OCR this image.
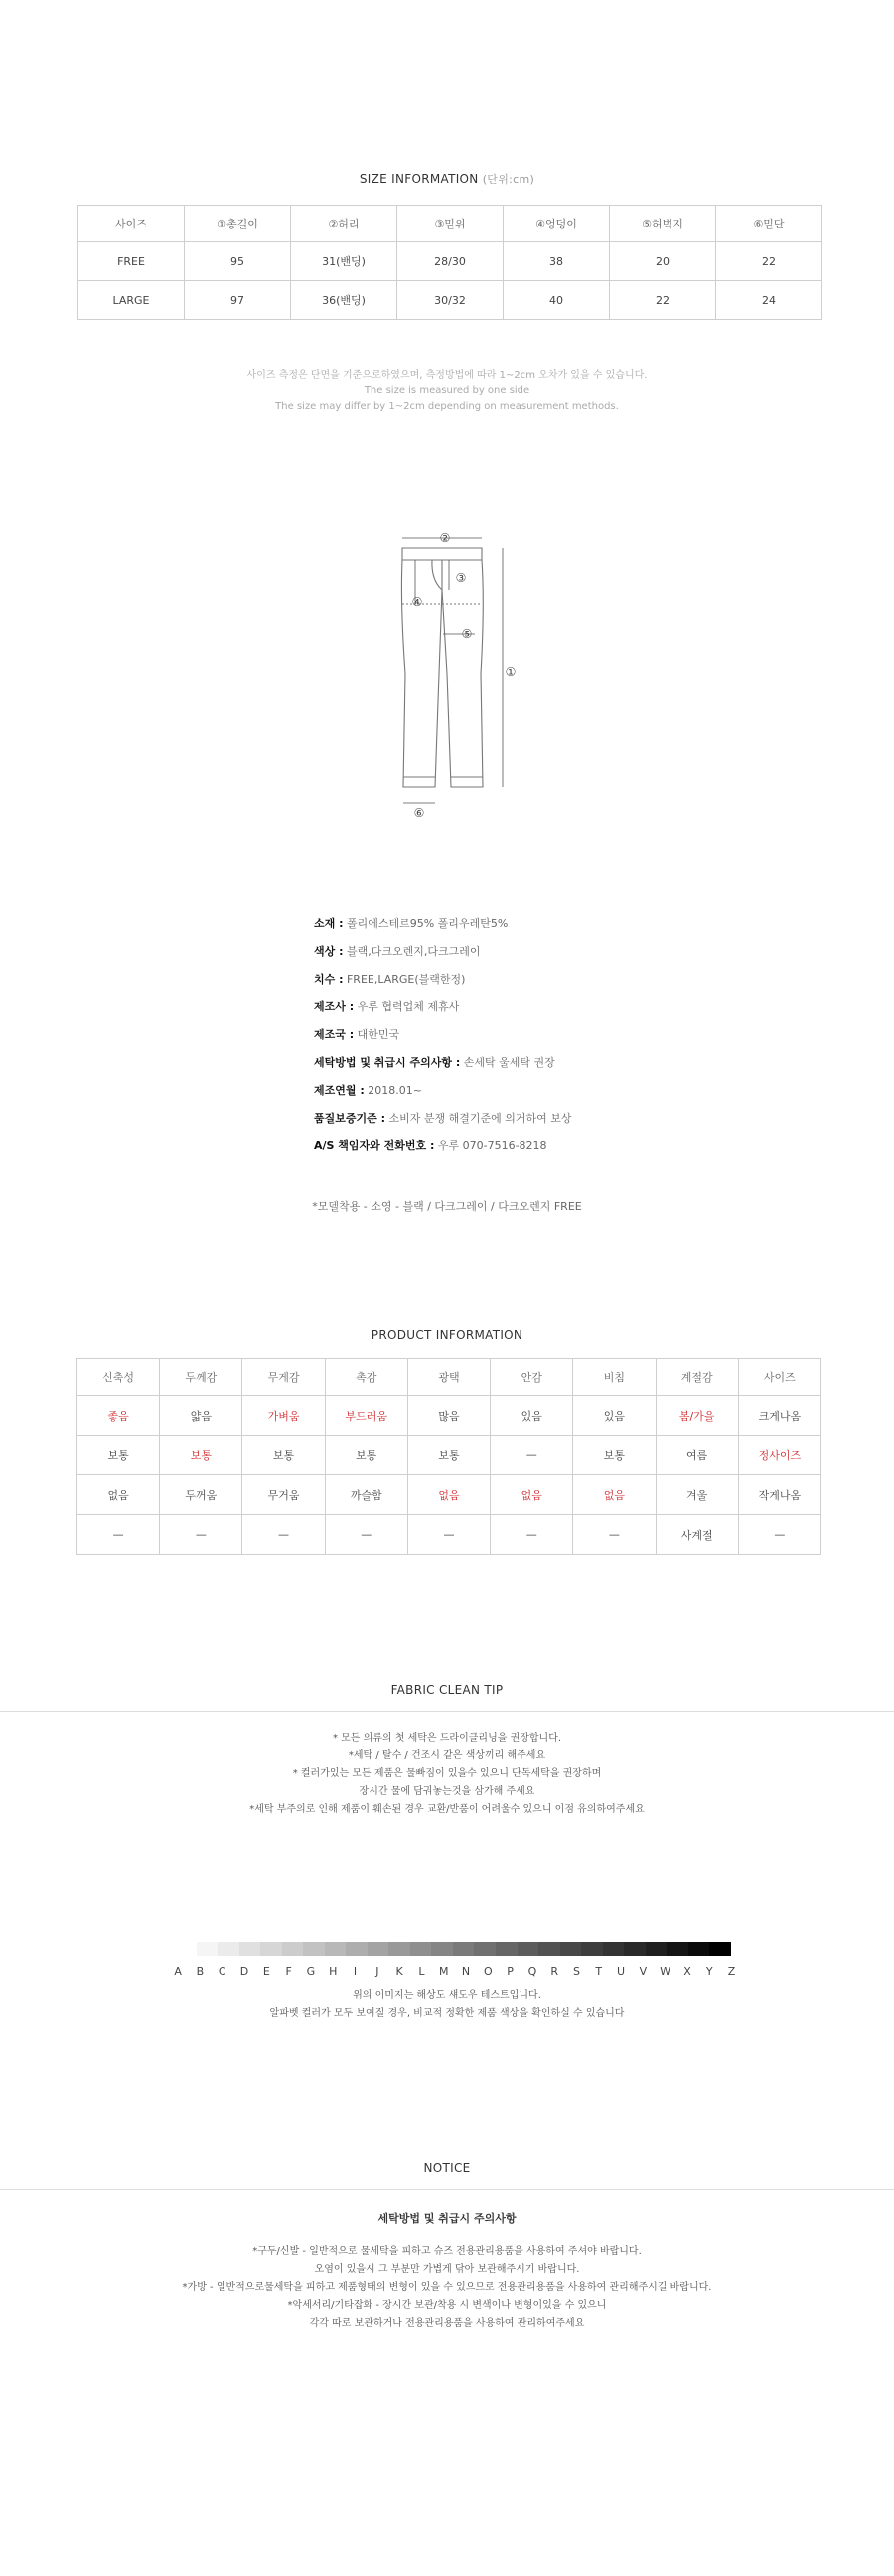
SIZE INFORMATION (단위:cm)
사이즈	①총길이	②허리	③밑위	④엉덩이	⑤허벅지	⑥밑단
FREE	95	31(밴딩)	28/30	38	20	22
LARGE	97	36(밴딩)	30/32	40	22	24
사이즈 측정은 단면을 기준으로하였으며, 측정방법에 따라 1~2cm 오차가 있을 수 있습니다.
The size is measured by one side
The size may differ by 1~2cm depending on measurement methods.
②
③
④
⑤
①
⑥
소재 : 폴리에스테르95% 폴리우레탄5%
색상 : 블랙,다크오렌지,다크그레이
치수 : FREE,LARGE(블랙한정)
제조사 : 우루 협력업체 제휴사
제조국 : 대한민국
세탁방법 및 취급시 주의사항 : 손세탁 울세탁 권장
제조연월 : 2018.01~
품질보증기준 : 소비자 분쟁 해결기준에 의거하여 보상
A/S 책임자와 전화번호 : 우루 070-7516-8218
*모델착용 - 소영 - 블랙 / 다크그레이 / 다크오렌지 FREE
PRODUCT INFORMATION
신축성	두께감	무게감	촉감	광택	안감	비침	계절감	사이즈
좋음	얇음	가벼움	부드러움	많음	있음	있음	봄/가을	크게나옴
보통	보통	보통	보통	보통	—	보통	여름	정사이즈
없음	두꺼움	무거움	까슬함	없음	없음	없음	겨울	작게나옴
—	—	—	—	—	—	—	사계절	—
FABRIC CLEAN TIP
* 모든 의류의 첫 세탁은 드라이클리닝을 권장합니다.
*세탁 / 탈수 / 건조시 같은 색상끼리 해주세요
* 컬러가있는 모든 제품은 물빠짐이 있을수 있으니 단독세탁을 권장하며
장시간 물에 담궈놓는것을 삼가해 주세요
*세탁 부주의로 인해 제품이 훼손된 경우 교환/반품이 어려울수 있으니 이점 유의하여주세요
A B C D E F G H I J K L M N O P Q R S T U V W X Y Z
위의 이미지는 해상도 섀도우 테스트입니다.
알파벳 컬러가 모두 보여질 경우, 비교적 정확한 제품 색상을 확인하실 수 있습니다
NOTICE
세탁방법 및 취급시 주의사항
*구두/신발 - 일반적으로 물세탁을 피하고 슈즈 전용관리용품을 사용하여 주셔야 바랍니다.
오염이 있을시 그 부분만 가볍게 닦아 보관해주시기 바랍니다.
*가방 - 일반적으로물세탁을 피하고 제품형태의 변형이 있을 수 있으므로 전용관리용품을 사용하여 관리해주시길 바랍니다.
*악세서리/기타잡화 - 장시간 보관/착용 시 변색이나 변형이있을 수 있으니
각각 따로 보관하거나 전용관리용품을 사용하여 관리하여주세요
